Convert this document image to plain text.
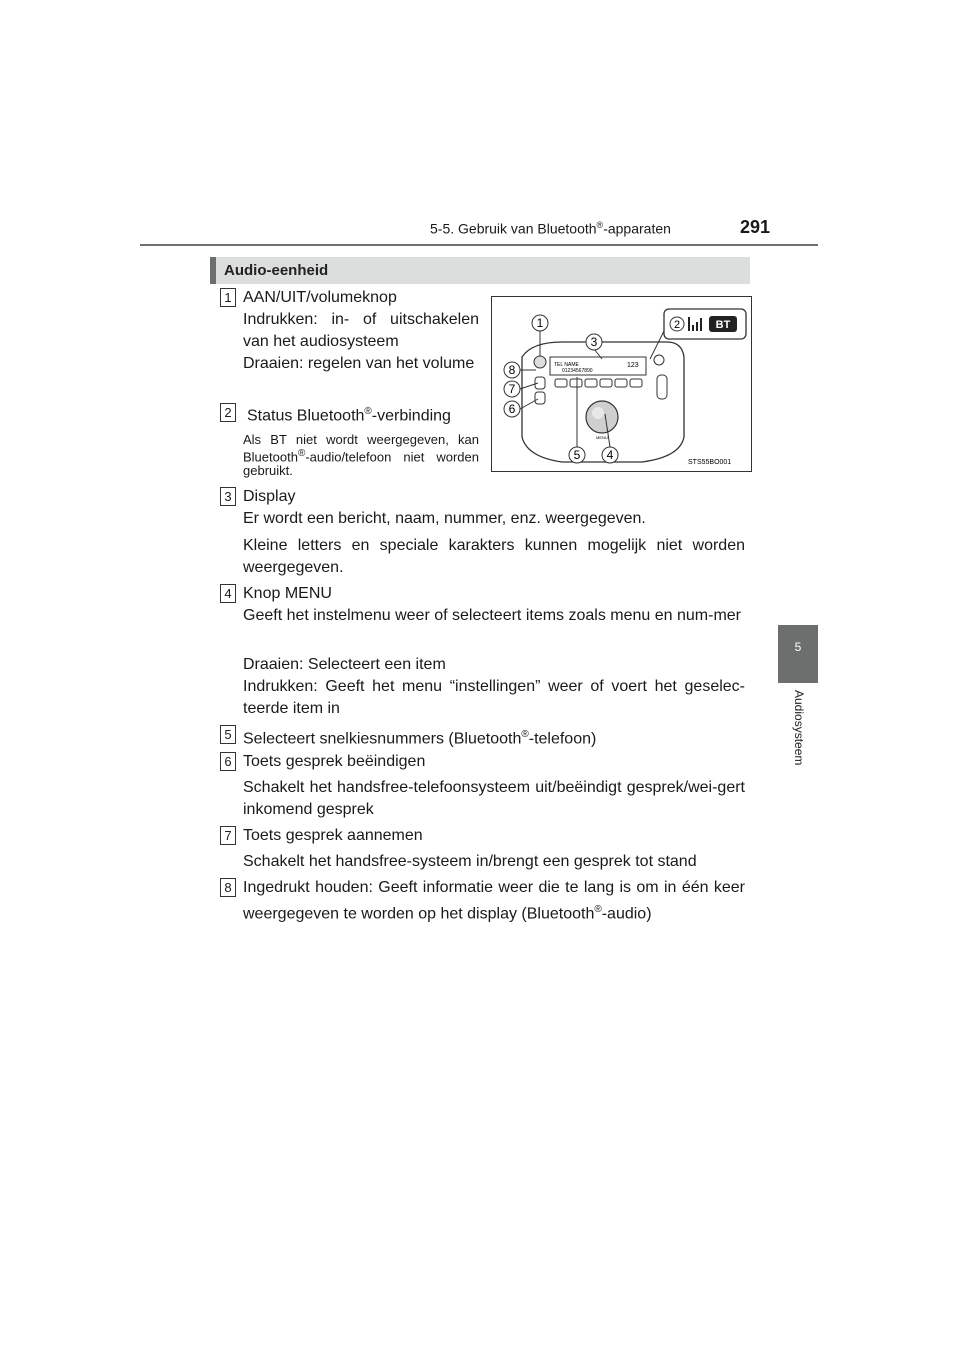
5-5. Gebruik van Bluetooth®-apparaten	291
5
Audiosysteem
Audio-eenheid
TEL NAME
01234567890
123
MENU
1
3
8
7
6
5 4
2	BT
STS55BO001
1 AAN/UIT/volumeknop
Indrukken: in- of uitschakelen van het audiosysteem
Draaien: regelen van het volume
2 Status Bluetooth®-verbinding
Als BT niet wordt weergegeven, kan Bluetooth®-audio/telefoon niet worden gebruikt.
3 Display
Er wordt een bericht, naam, nummer, enz. weergegeven.
Kleine letters en speciale karakters kunnen mogelijk niet worden weergegeven.
4 Knop MENU
Geeft het instelmenu weer of selecteert items zoals menu en num-mer
Draaien: Selecteert een item
Indrukken: Geeft het menu “instellingen” weer of voert het geselec-teerde item in
5 Selecteert snelkiesnummers (Bluetooth®-telefoon)
6 Toets gesprek beëindigen
Schakelt het handsfree-telefoonsysteem uit/beëindigt gesprek/wei-gert inkomend gesprek
7 Toets gesprek aannemen
Schakelt het handsfree-systeem in/brengt een gesprek tot stand
8 Ingedrukt houden: Geeft informatie weer die te lang is om in één keer weergegeven te worden op het display (Bluetooth®-audio)
